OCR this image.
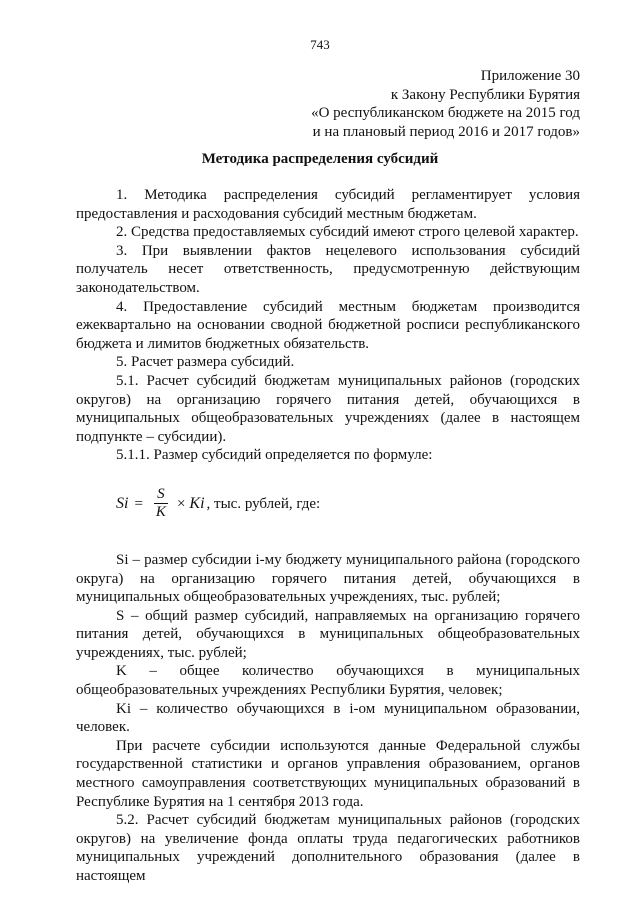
743
Приложение 30
к Закону Республики Бурятия
«О республиканском бюджете на 2015 год
и на плановый период 2016 и 2017 годов»
Методика распределения субсидий

1. Методика распределения субсидий регламентирует условия предоставления и расходования субсидий местным бюджетам.

2. Средства предоставляемых субсидий имеют строго целевой характер.

3. При выявлении фактов нецелевого использования субсидий получатель несет ответственность, предусмотренную действующим законодательством.

4. Предоставление субсидий местным бюджетам производится ежеквартально на основании сводной бюджетной росписи республиканского бюджета и лимитов бюджетных обязательств.

5. Расчет размера субсидий.

5.1. Расчет субсидий бюджетам муниципальных районов (городских округов) на организацию горячего питания детей, обучающихся в муниципальных общеобразовательных учреждениях (далее в настоящем подпункте – субсидии).

5.1.1. Размер субсидий определяется по формуле:

$Si = \frac{S}{K} \times Ki$ , тыс. рублей, где:

Si – размер субсидии i-му бюджету муниципального района (городского округа) на организацию горячего питания детей, обучающихся в муниципальных общеобразовательных учреждениях, тыс. рублей;

S – общий размер субсидий, направляемых на организацию горячего питания детей, обучающихся в муниципальных общеобразовательных учреждениях, тыс. рублей;

K – общее количество обучающихся в муниципальных общеобразовательных учреждениях Республики Бурятия, человек;

Ki – количество обучающихся в i-ом муниципальном образовании, человек.

При расчете субсидии используются данные Федеральной службы государственной статистики и органов управления образованием, органов местного самоуправления соответствующих муниципальных образований в Республике Бурятия на 1 сентября 2013 года.

5.2. Расчет субсидий бюджетам муниципальных районов (городских округов) на увеличение фонда оплаты труда педагогических работников муниципальных учреждений дополнительного образования (далее в настоящем
